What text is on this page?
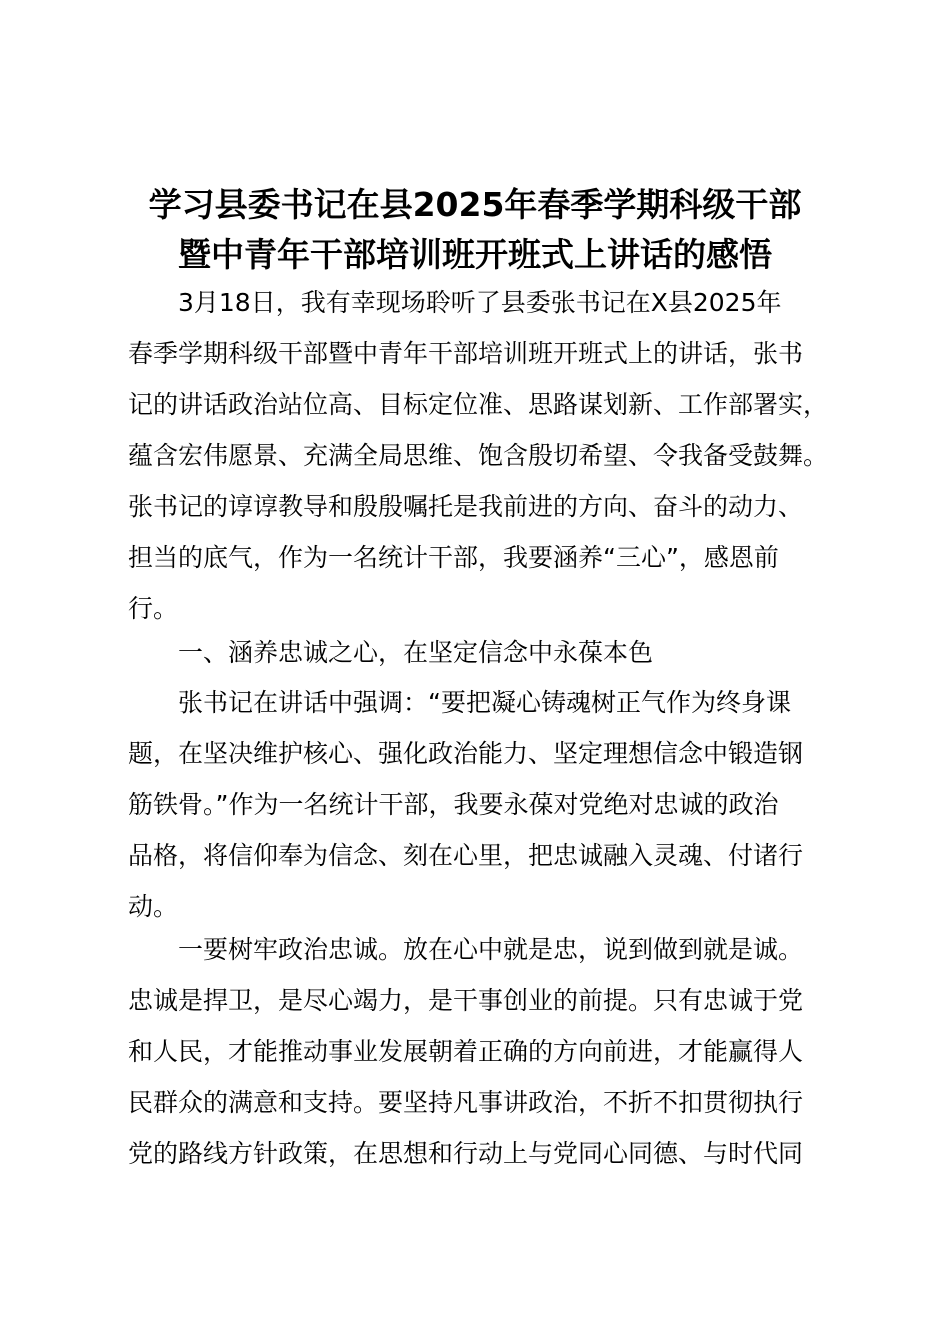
学习县委书记在县2025年春季学期科级干部
暨中青年干部培训班开班式上讲话的感悟
3月18日，我有幸现场聆听了县委张书记在X县2025年
春季学期科级干部暨中青年干部培训班开班式上的讲话，张书
记的讲话政治站位高、目标定位准、思路谋划新、工作部署实，
蕴含宏伟愿景、充满全局思维、饱含殷切希望、令我备受鼓舞。
张书记的谆谆教导和殷殷嘱托是我前进的方向、奋斗的动力、
担当的底气，作为一名统计干部，我要涵养“三心”，感恩前
行。
一、涵养忠诚之心，在坚定信念中永葆本色
张书记在讲话中强调：“要把凝心铸魂树正气作为终身课
题，在坚决维护核心、强化政治能力、坚定理想信念中锻造钢
筋铁骨。”作为一名统计干部，我要永葆对党绝对忠诚的政治
品格，将信仰奉为信念、刻在心里，把忠诚融入灵魂、付诸行
动。
一要树牢政治忠诚。放在心中就是忠，说到做到就是诚。
忠诚是捍卫，是尽心竭力，是干事创业的前提。只有忠诚于党
和人民，才能推动事业发展朝着正确的方向前进，才能赢得人
民群众的满意和支持。要坚持凡事讲政治，不折不扣贯彻执行
党的路线方针政策，在思想和行动上与党同心同德、与时代同
